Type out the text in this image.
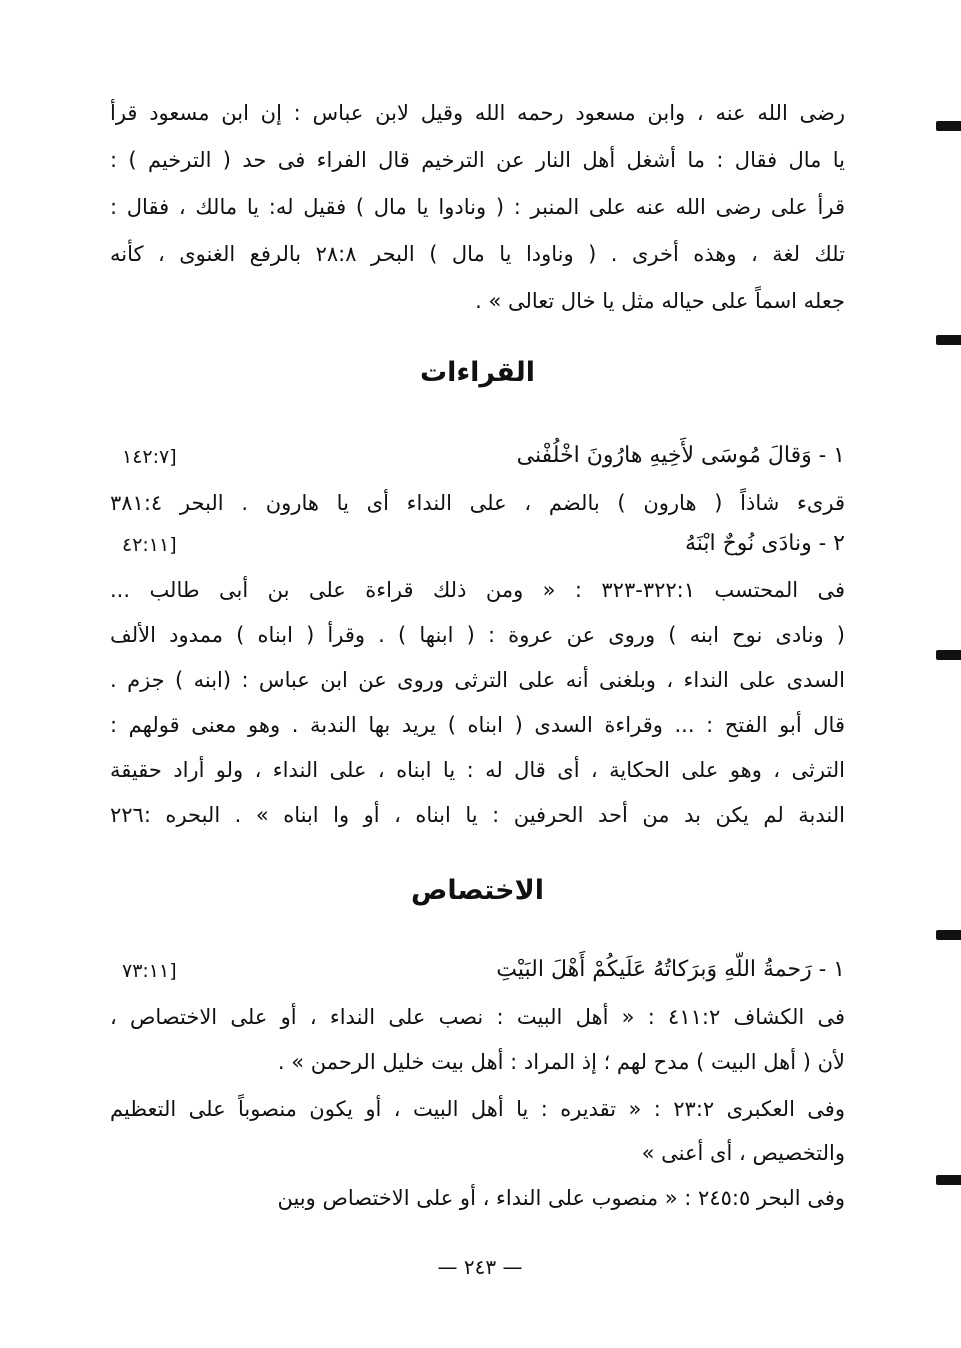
رضى الله عنه ، وابن مسعود رحمه الله وقيل لابن عباس : إن ابن مسعود قرأ
يا مال فقال : ما أشغل أهل النار عن الترخيم قال الفراء فى حد ( الترخيم ) :
قرأ على رضى الله عنه على المنبر : ( ونادوا يا مال ) فقيل له: يا مالك ، فقال :
تلك لغة ، وهذه أخرى . ( وناودا يا مال ) البحر ٢٨:٨ بالرفع الغنوى ، كأنه
جعله اسماً على حياله مثل يا خال تعالى » .
القراءات
١ - وَقالَ مُوسَى لأَخِيهِ هارُونَ اخْلُفْنى
[١٤٢:٧
قرىء شاذاً ( هارون ) بالضم ، على النداء أى يا هارون . البحر ٣٨١:٤
٢ - ونادَى نُوحٌ ابْنَهُ
[٤٢:١١
فى المحتسب ٣٢٢:١-٣٢٣ : « ومن ذلك قراءة على بن أبى طالب ...
( ونادى نوح ابنه ) وروى عن عروة : ( ابنها ) . وقرأ ( ابناه ) ممدود الألف
السدى على النداء ، وبلغنى أنه على الترثى وروى عن ابن عباس : (ابنه ) جزم .
قال أبو الفتح : ... وقراءة السدى ( ابناه ) يريد بها الندبة . وهو معنى قولهم :
الترثى ، وهو على الحكاية ، أى قال له : يا ابناه ، على النداء ، ولو أراد حقيقة
الندبة لم يكن بد من أحد الحرفين : يا ابناه ، أو وا ابناه » . البحره :٢٢٦
الاختصاص
١ - رَحمةُ اللّهِ وَبرَكاتُهُ عَلَيكُمْ أَهْلَ البَيْتِ
[٧٣:١١
فى الكشاف ٤١١:٢ : « أهل البيت : نصب على النداء ، أو على الاختصاص ،
لأن ( أهل البيت ) مدح لهم ؛ إذ المراد : أهل بيت خليل الرحمن » .
وفى العكبرى ٢٣:٢ : « تقديره : يا أهل البيت ، أو يكون منصوباً على التعظيم
والتخصيص ، أى أعنى »
وفى البحر ٢٤٥:٥ : « منصوب على النداء ، أو على الاختصاص وبين
— ٢٤٣ —
